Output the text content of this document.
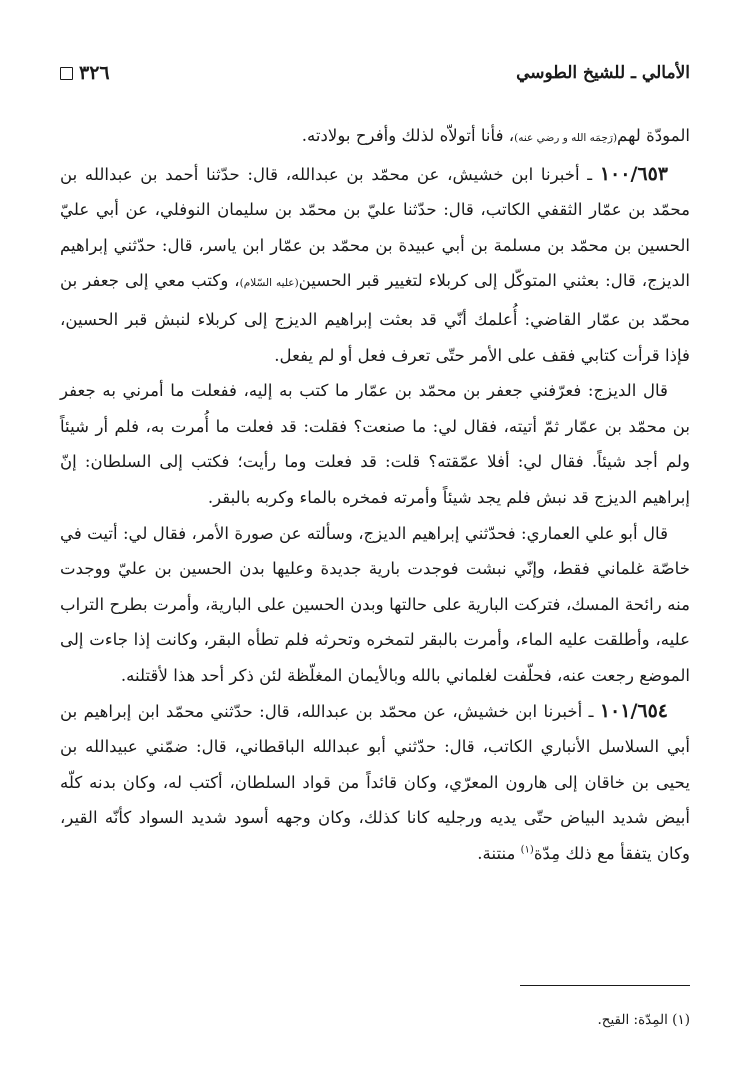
الأمالي ـ للشيخ الطوسي
٣٢٦

المودّة لهم(رَحِمَه الله و رضي عنه)، فأنا أتولاّه لذلك وأفرح بولادته.

١٠٠/٦٥٣ ـ أخبرنا ابن خشيش، عن محمّد بن عبدالله، قال: حدّثنا أحمد بن عبدالله بن محمّد بن عمّار الثقفي الكاتب، قال: حدّثنا عليّ بن محمّد بن سليمان النوفلي، عن أبي عليّ الحسين بن محمّد بن مسلمة بن أبي عبيدة بن محمّد بن عمّار ابن ياسر، قال: حدّثني إبراهيم الديزج، قال: بعثني المتوكّل إلى كربلاء لتغيير قبر الحسين(عليه السّلام)، وكتب معي إلى جعفر بن محمّد بن عمّار القاضي: أُعلمك أنّي قد بعثت إبراهيم الديزج إلى كربلاء لنبش قبر الحسين، فإذا قرأت كتابي فقف على الأمر حتّى تعرف فعل أو لم يفعل.

قال الديزج: فعرّفني جعفر بن محمّد بن عمّار ما كتب به إليه، ففعلت ما أمرني به جعفر بن محمّد بن عمّار ثمّ أتيته، فقال لي: ما صنعت؟ فقلت: قد فعلت ما أُمرت به، فلم أر شيئاً ولم أجد شيئاً. فقال لي: أفلا عمّقته؟ قلت: قد فعلت وما رأيت؛ فكتب إلى السلطان: إنّ إبراهيم الديزج قد نبش فلم يجد شيئاً وأمرته فمخره بالماء وكربه بالبقر.

قال أبو علي العماري: فحدّثني إبراهيم الديزج، وسألته عن صورة الأمر، فقال لي: أتيت في خاصّة غلماني فقط، وإنّي نبشت فوجدت بارية جديدة وعليها بدن الحسين بن عليّ ووجدت منه رائحة المسك، فتركت البارية على حالتها وبدن الحسين على البارية، وأمرت بطرح التراب عليه، وأطلقت عليه الماء، وأمرت بالبقر لتمخره وتحرثه فلم تطأه البقر، وكانت إذا جاءت إلى الموضع رجعت عنه، فحلّفت لغلماني بالله وبالأيمان المغلّظة لئن ذكر أحد هذا لأقتلنه.

١٠١/٦٥٤ ـ أخبرنا ابن خشيش، عن محمّد بن عبدالله، قال: حدّثني محمّد ابن إبراهيم بن أبي السلاسل الأنباري الكاتب، قال: حدّثني أبو عبدالله الباقطاني، قال: ضمّني عبيدالله بن يحيى بن خاقان إلى هارون المعرّي، وكان قائداً من قواد السلطان، أكتب له، وكان بدنه كلّه أبيض شديد البياض حتّى يديه ورجليه كانا كذلك، وكان وجهه أسود شديد السواد كأنّه القير، وكان يتفقأ مع ذلك مِدّة$^{(١)}$ منتنة.

(١) المِدّة: القيح.
